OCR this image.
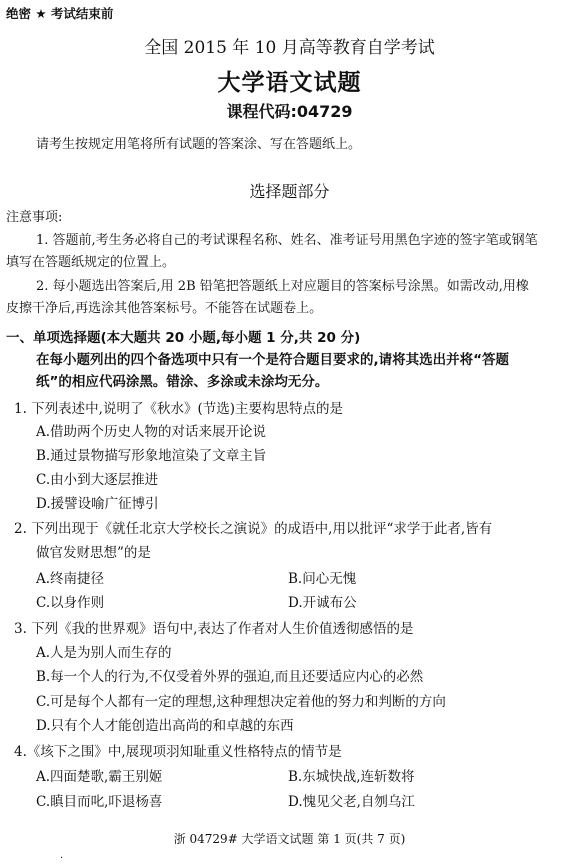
绝密 ★ 考试结束前
全国 2015 年 10 月高等教育自学考试
大学语文试题
课程代码:04729
请考生按规定用笔将所有试题的答案涂、写在答题纸上。
选择题部分
注意事项:
1. 答题前,考生务必将自己的考试课程名称、姓名、准考证号用黑色字迹的签字笔或钢笔
填写在答题纸规定的位置上。
2. 每小题选出答案后,用 2B 铅笔把答题纸上对应题目的答案标号涂黑。如需改动,用橡
皮擦干净后,再选涂其他答案标号。不能答在试题卷上。
一、单项选择题(本大题共 20 小题,每小题 1 分,共 20 分)
在每小题列出的四个备选项中只有一个是符合题目要求的,请将其选出并将“答题
纸”的相应代码涂黑。错涂、多涂或未涂均无分。
1. 下列表述中,说明了《秋水》(节选)主要构思特点的是
A.借助两个历史人物的对话来展开论说
B.通过景物描写形象地渲染了文章主旨
C.由小到大逐层推进
D.援譬设喻广征博引
2. 下列出现于《就任北京大学校长之演说》的成语中,用以批评“求学于此者,皆有
做官发财思想”的是
A.终南捷径	B.问心无愧
C.以身作则	D.开诚布公
3. 下列《我的世界观》语句中,表达了作者对人生价值透彻感悟的是
A.人是为别人而生存的
B.每一个人的行为,不仅受着外界的强迫,而且还要适应内心的必然
C.可是每个人都有一定的理想,这种理想决定着他的努力和判断的方向
D.只有个人才能创造出高尚的和卓越的东西
4.《垓下之围》中,展现项羽知耻重义性格特点的情节是
A.四面楚歌,霸王别姬	B.东城快战,连斩数将
C.瞋目而叱,吓退杨喜	D.愧见父老,自刎乌江
浙 04729# 大学语文试题 第 1 页(共 7 页)
.
